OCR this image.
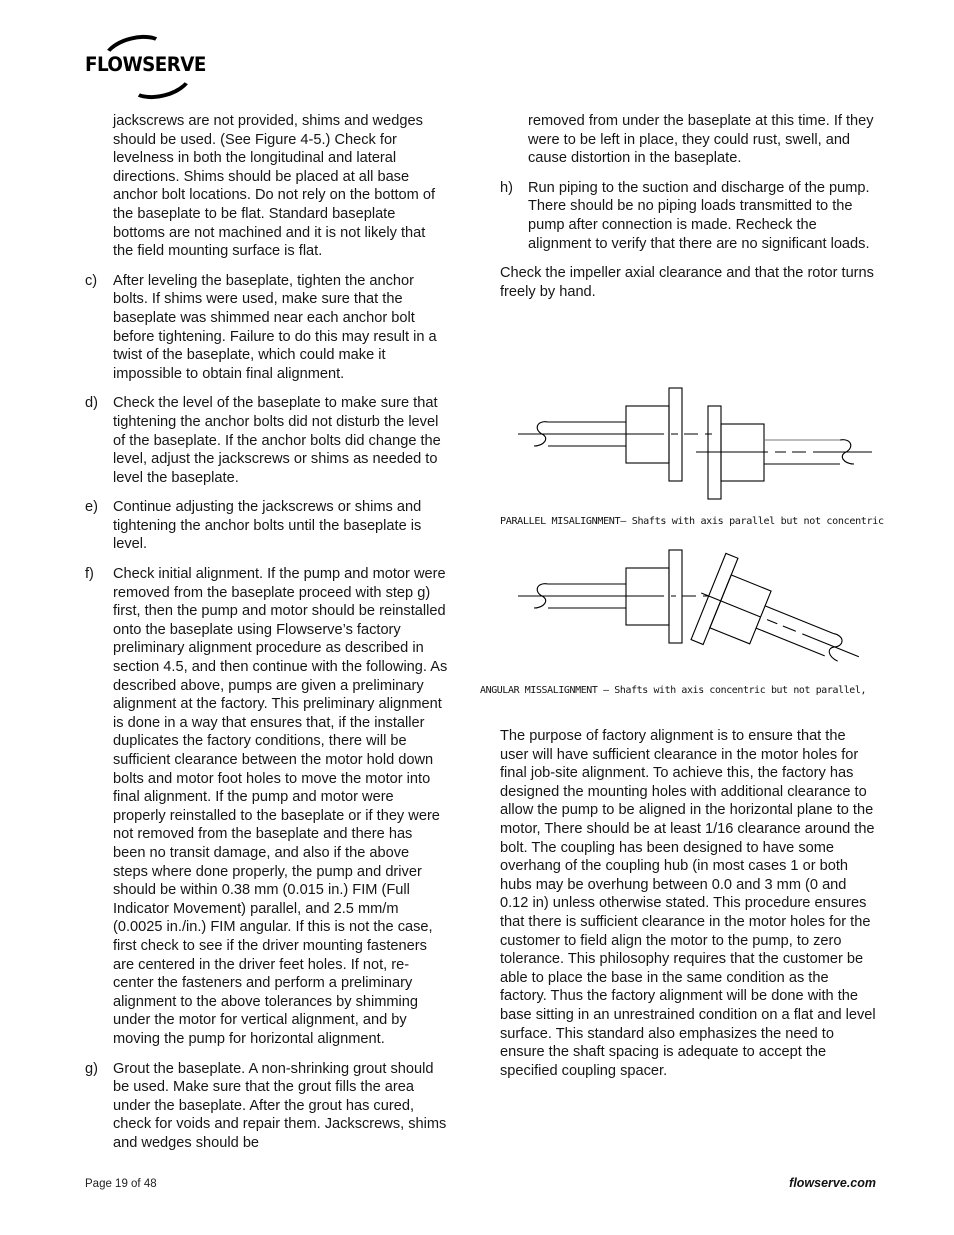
FLOWSERVE

jackscrews are not provided, shims and wedges should be used. (See Figure 4-5.) Check for levelness in both the longitudinal and lateral directions. Shims should be placed at all base anchor bolt locations. Do not rely on the bottom of the baseplate to be flat. Standard baseplate bottoms are not machined and it is not likely that the field mounting surface is flat.

c)	After leveling the baseplate, tighten the anchor bolts. If shims were used, make sure that the baseplate was shimmed near each anchor bolt before tightening. Failure to do this may result in a twist of the baseplate, which could make it impossible to obtain final alignment.
d)	Check the level of the baseplate to make sure that tightening the anchor bolts did not disturb the level of the baseplate. If the anchor bolts did change the level, adjust the jackscrews or shims as needed to level the baseplate.
e)	Continue adjusting the jackscrews or shims and tightening the anchor bolts until the baseplate is level.
f)	Check initial alignment. If the pump and motor were removed from the baseplate proceed with step g) first, then the pump and motor should be reinstalled onto the baseplate using Flowserve’s factory preliminary alignment procedure as described in section 4.5, and then continue with the following. As described above, pumps are given a preliminary alignment at the factory. This preliminary alignment is done in a way that ensures that, if the installer duplicates the factory conditions, there will be sufficient clearance between the motor hold down bolts and motor foot holes to move the motor into final alignment. If the pump and motor were properly reinstalled to the baseplate or if they were not removed from the baseplate and there has been no transit damage, and also if the above steps where done properly, the pump and driver should be within 0.38 mm (0.015 in.) FIM (Full Indicator Movement) parallel, and 2.5 mm/m (0.0025 in./in.) FIM angular. If this is not the case, first check to see if the driver mounting fasteners are centered in the driver feet holes. If not, re-center the fasteners and perform a preliminary alignment to the above tolerances by shimming under the motor for vertical alignment, and by moving the pump for horizontal alignment.
g)	Grout the baseplate. A non-shrinking grout should be used. Make sure that the grout fills the area under the baseplate. After the grout has cured, check for voids and repair them. Jackscrews, shims and wedges should be

removed from under the baseplate at this time. If they were to be left in place, they could rust, swell, and cause distortion in the baseplate.

h)	Run piping to the suction and discharge of the pump. There should be no piping loads transmitted to the pump after connection is made. Recheck the alignment to verify that there are no significant loads.

Check the impeller axial clearance and that the rotor turns freely by hand.

PARALLEL MISALIGNMENT— Shafts with axis parallel but not concentric
ANGULAR MISSALIGNMENT — Shafts with axis concentric but not parallel,

The purpose of factory alignment is to ensure that the user will have sufficient clearance in the motor holes for final job-site alignment. To achieve this, the factory has designed the mounting holes with additional clearance to allow the pump to be aligned in the horizontal plane to the motor, There should be at least 1/16 clearance around the bolt. The coupling has been designed to have some overhang of the coupling hub (in most cases 1 or both hubs may be overhung between 0.0 and 3 mm (0 and 0.12 in) unless otherwise stated. This procedure ensures that there is sufficient clearance in the motor holes for the customer to field align the motor to the pump, to zero tolerance. This philosophy requires that the customer be able to place the base in the same condition as the factory. Thus the factory alignment will be done with the base sitting in an unrestrained condition on a flat and level surface. This standard also emphasizes the need to ensure the shaft spacing is adequate to accept the specified coupling spacer.

Page 19 of 48	flowserve.com
